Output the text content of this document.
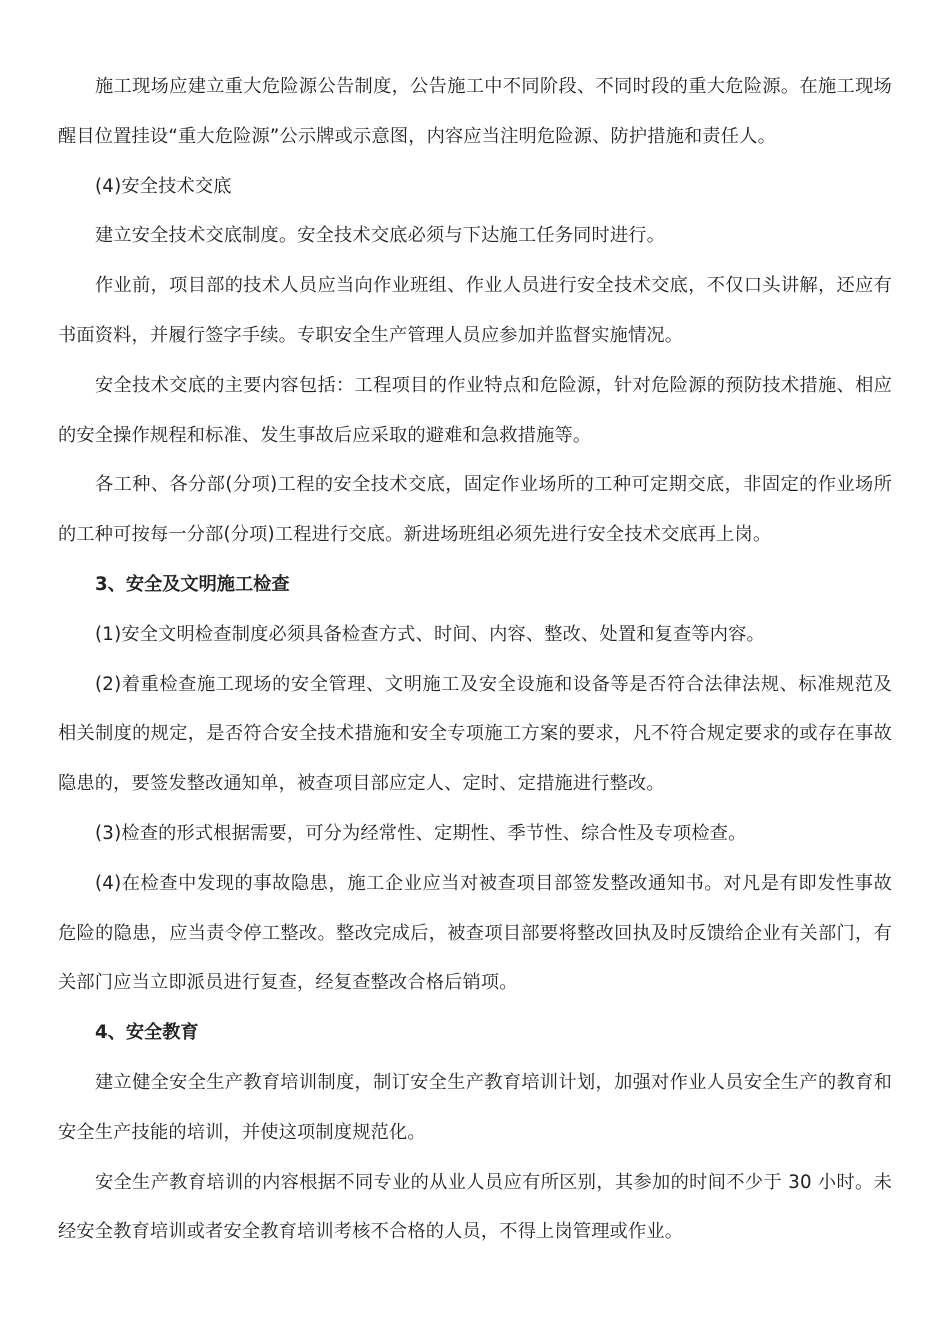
施工现场应建立重大危险源公告制度，公告施工中不同阶段、不同时段的重大危险源。在施工现场醒目位置挂设“重大危险源”公示牌或示意图，内容应当注明危险源、防护措施和责任人。

(4)安全技术交底

建立安全技术交底制度。安全技术交底必须与下达施工任务同时进行。

作业前，项目部的技术人员应当向作业班组、作业人员进行安全技术交底，不仅口头讲解，还应有书面资料，并履行签字手续。专职安全生产管理人员应参加并监督实施情况。

安全技术交底的主要内容包括：工程项目的作业特点和危险源，针对危险源的预防技术措施、相应的安全操作规程和标准、发生事故后应采取的避难和急救措施等。

各工种、各分部(分项)工程的安全技术交底，固定作业场所的工种可定期交底，非固定的作业场所的工种可按每一分部(分项)工程进行交底。新进场班组必须先进行安全技术交底再上岗。

3、安全及文明施工检查

(1)安全文明检查制度必须具备检查方式、时间、内容、整改、处置和复查等内容。

(2)着重检查施工现场的安全管理、文明施工及安全设施和设备等是否符合法律法规、标准规范及相关制度的规定，是否符合安全技术措施和安全专项施工方案的要求，凡不符合规定要求的或存在事故隐患的，要签发整改通知单，被查项目部应定人、定时、定措施进行整改。

(3)检查的形式根据需要，可分为经常性、定期性、季节性、综合性及专项检查。

(4)在检查中发现的事故隐患，施工企业应当对被查项目部签发整改通知书。对凡是有即发性事故危险的隐患，应当责令停工整改。整改完成后，被查项目部要将整改回执及时反馈给企业有关部门，有关部门应当立即派员进行复查，经复查整改合格后销项。

4、安全教育

建立健全安全生产教育培训制度，制订安全生产教育培训计划，加强对作业人员安全生产的教育和安全生产技能的培训，并使这项制度规范化。

安全生产教育培训的内容根据不同专业的从业人员应有所区别，其参加的时间不少于 30 小时。未经安全教育培训或者安全教育培训考核不合格的人员，不得上岗管理或作业。
